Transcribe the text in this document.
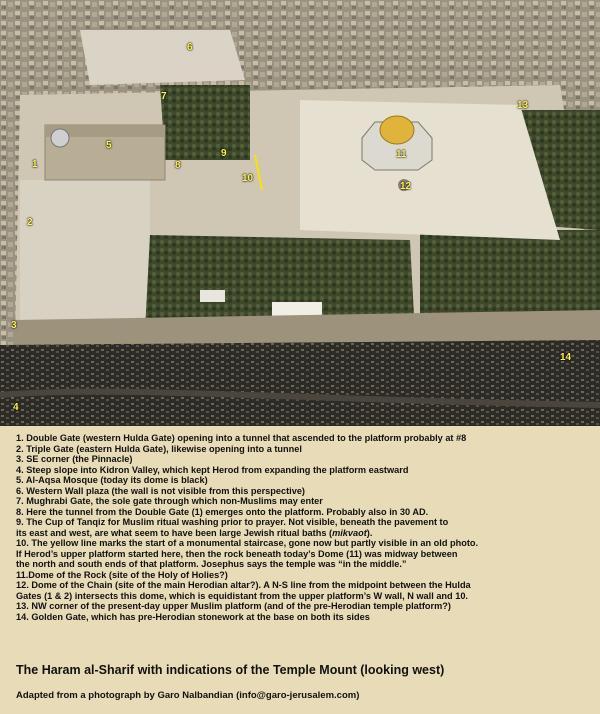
1
2
3
4
5
6
7
8
9
10
11
12
13
14
1. Double Gate (western Hulda Gate) opening into a tunnel that ascended to the platform probably at #8
2. Triple Gate (eastern Hulda Gate), likewise opening into a tunnel
3. SE corner (the Pinnacle)
4. Steep slope into Kidron Valley, which kept Herod from expanding the platform eastward
5. Al-Aqsa Mosque (today its dome is black)
6. Western Wall plaza (the wall is not visible from this perspective)
7. Mughrabi Gate, the sole gate through which non-Muslims may enter
8. Here the tunnel from the Double Gate (1) emerges onto the platform. Probably also in 30 AD.
9. The Cup of Tanqiz for Muslim ritual washing prior to prayer. Not visible, beneath the pavement to
its east and west, are what seem to have been large Jewish ritual baths (mikvaot).
10. The yellow line marks the start of a monumental staircase, gone now but partly visible in an old photo.
If Herod’s upper platform started here, then the rock beneath today’s Dome (11) was midway between
the north and south ends of that platform. Josephus says the temple was “in the middle.”
11.Dome of the Rock (site of the Holy of Holies?)
12. Dome of the Chain (site of the main Herodian altar?). A N-S line from the midpoint between the Hulda
Gates (1 & 2) intersects this dome, which is equidistant from the upper platform’s W wall, N wall and 10.
13. NW corner of the present-day upper Muslim platform (and of the pre-Herodian temple platform?)
14. Golden Gate, which has pre-Herodian stonework at the base on both its sides
The Haram al-Sharif with indications of the Temple Mount (looking west)
Adapted from a photograph by Garo Nalbandian (info@garo-jerusalem.com)
